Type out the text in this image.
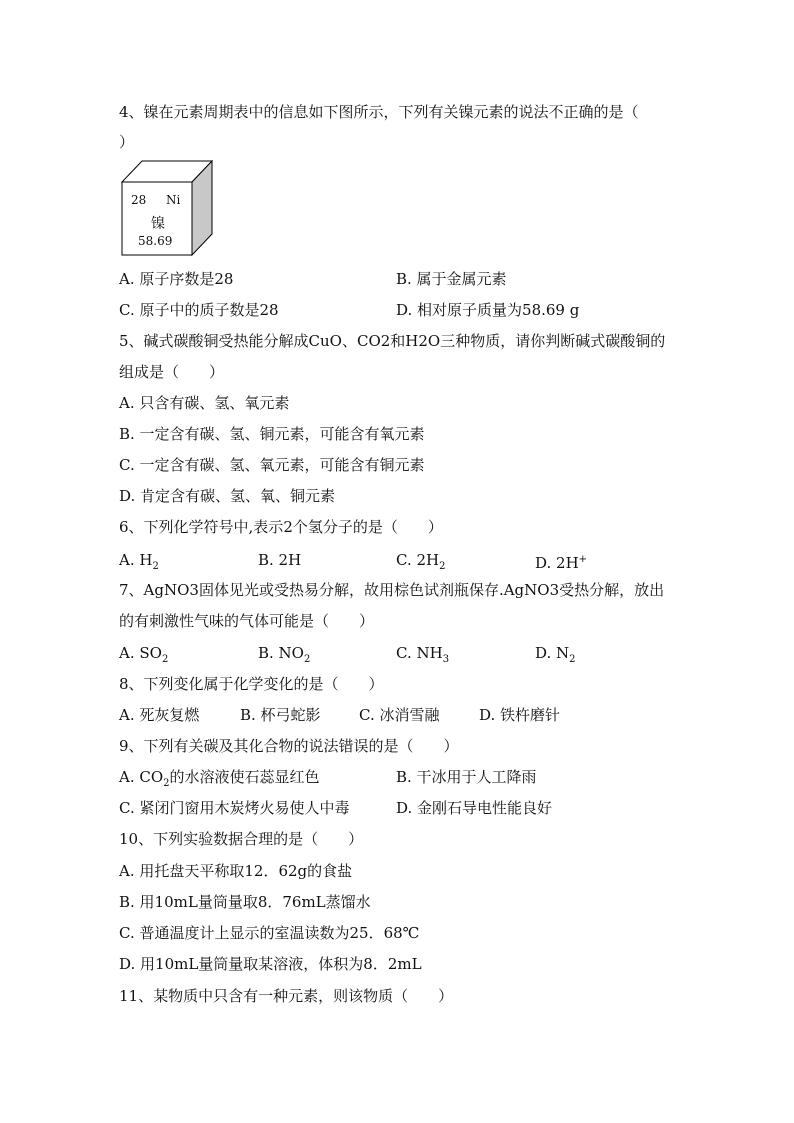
4、镍在元素周期表中的信息如下图所示，下列有关镍元素的说法不正确的是（
）
28 Ni
镍
58.69
A. 原子序数是28	B. 属于金属元素
C. 原子中的质子数是28	D. 相对原子质量为58.69 g
5、碱式碳酸铜受热能分解成CuO、CO2和H2O三种物质，请你判断碱式碳酸铜的
组成是（　　）
A. 只含有碳、氢、氧元素
B. 一定含有碳、氢、铜元素，可能含有氧元素
C. 一定含有碳、氢、氧元素，可能含有铜元素
D. 肯定含有碳、氢、氧、铜元素
6、下列化学符号中,表示2个氢分子的是（　　）
A. $H_2$	B. 2H	C. $2H_2$	D. 2H+
7、AgNO3固体见光或受热易分解，故用棕色试剂瓶保存.AgNO3受热分解，放出
的有刺激性气味的气体可能是（　　）
A. $SO_2$	B. $NO_2$	C. $NH_3$	D. $N_2$
8、下列变化属于化学变化的是（　　）
A. 死灰复燃	B. 杯弓蛇影	C. 冰消雪融	D. 铁杵磨针
9、下列有关碳及其化合物的说法错误的是（　　）
A. $CO_2$的水溶液使石蕊显红色	B. 干冰用于人工降雨
C. 紧闭门窗用木炭烤火易使人中毒	D. 金刚石导电性能良好
10、下列实验数据合理的是（　　）
A. 用托盘天平称取12．62g的食盐
B. 用10mL量筒量取8．76mL蒸馏水
C. 普通温度计上显示的室温读数为25．68℃
D. 用10mL量筒量取某溶液，体积为8．2mL
11、某物质中只含有一种元素，则该物质（　　）
